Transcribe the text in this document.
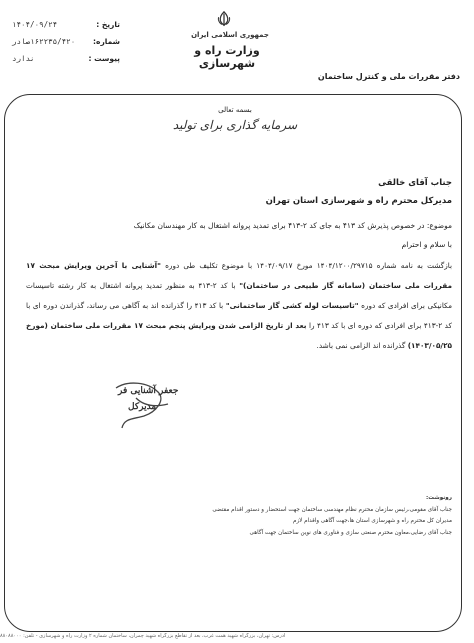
جمهوری اسلامی ایران
وزارت راه و شهرسازی
تاریخ :
۱۴۰۴/۰۹/۲۴
شماره:
۱۶۲۲۳۵/۴۲۰صادر
پیوست :
ندارد
دفتر مقررات ملی و کنترل ساختمان
بسمه تعالی
سرمایه گذاری برای تولید
جناب آقای خالقی
مدیرکل محترم راه و شهرسازی استان تهران
موضوع: در خصوص پذیرش کد ۴۱۳ به جای کد ۲-۴۱۳ برای تمدید پروانه اشتغال به کار مهندسان مکانیک
با سلام و احترام
بازگشت به نامه شماره ۱۴۰۴/۱۲۰۰/۲۹۷۱۵ مورخ ۱۴۰۴/۰۹/۱۷ با موضوع تکلیف طی دوره "آشنایی با آخرین ویرایش مبحث ۱۷ مقررات ملی ساختمان (سامانه گاز طبیعی در ساختمان)" با کد ۲-۴۱۳ به منظور تمدید پروانه اشتغال به کار رشته تاسیسات مکانیکی برای افرادی که دوره "تاسیسات لوله کشی گاز ساختمانی" با کد ۴۱۳ را گذرانده اند به آگاهی می رساند، گذراندن دوره ای با کد ۲-۴۱۳ برای افرادی که دوره ای با کد ۴۱۳ را بعد از تاریخ الزامی شدن ویرایش پنجم مبحث ۱۷ مقررات ملی ساختمان (مورخ ۱۴۰۳/۰۵/۲۵) گذرانده اند الزامی نمی باشد.
جعفر آشنایی فر
مدیرکل
رونوشت:
جناب آقای مقومی،رئیس سازمان محترم نظام مهندسی ساختمان جهت استحضار و دستور اقدام مقتضی
مدیران کل محترم راه و شهرسازی استان ها،جهت آگاهی واقدام لازم
جناب آقای رضایی،معاون محترم صنعتی سازی و فناوری های نوین ساختمان جهت آگاهی
آدرس: تهران، بزرگراه شهید همت غرب، بعد از تقاطع بزرگراه شهید چمران، ساختمان شماره ۲ وزارت راه و شهرسازی - تلفن: ۸۸۰۸۸۰۰۰
